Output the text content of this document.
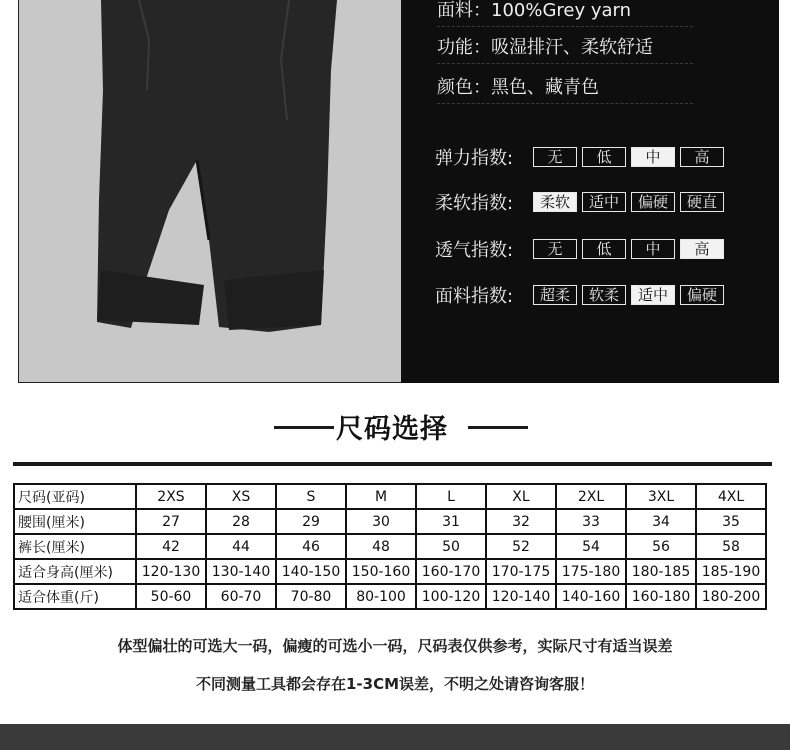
面料：100%Grey yarn
功能：吸湿排汗、柔软舒适
颜色：黑色、藏青色
弹力指数:	无	低	中	高
柔软指数:	柔软	适中	偏硬	硬直
透气指数:	无	低	中	高
面料指数:	超柔	软柔	适中	偏硬
尺码选择
尺码(亚码)	2XS	XS	S	M	L	XL	2XL	3XL	4XL
腰围(厘米)	27	28	29	30	31	32	33	34	35
裤长(厘米)	42	44	46	48	50	52	54	56	58
适合身高(厘米)	120-130	130-140	140-150	150-160	160-170	170-175	175-180	180-185	185-190
适合体重(斤)	50-60	60-70	70-80	80-100	100-120	120-140	140-160	160-180	180-200
体型偏壮的可选大一码，偏瘦的可选小一码，尺码表仅供参考，实际尺寸有适当误差
不同测量工具都会存在1-3CM误差，不明之处请咨询客服！
